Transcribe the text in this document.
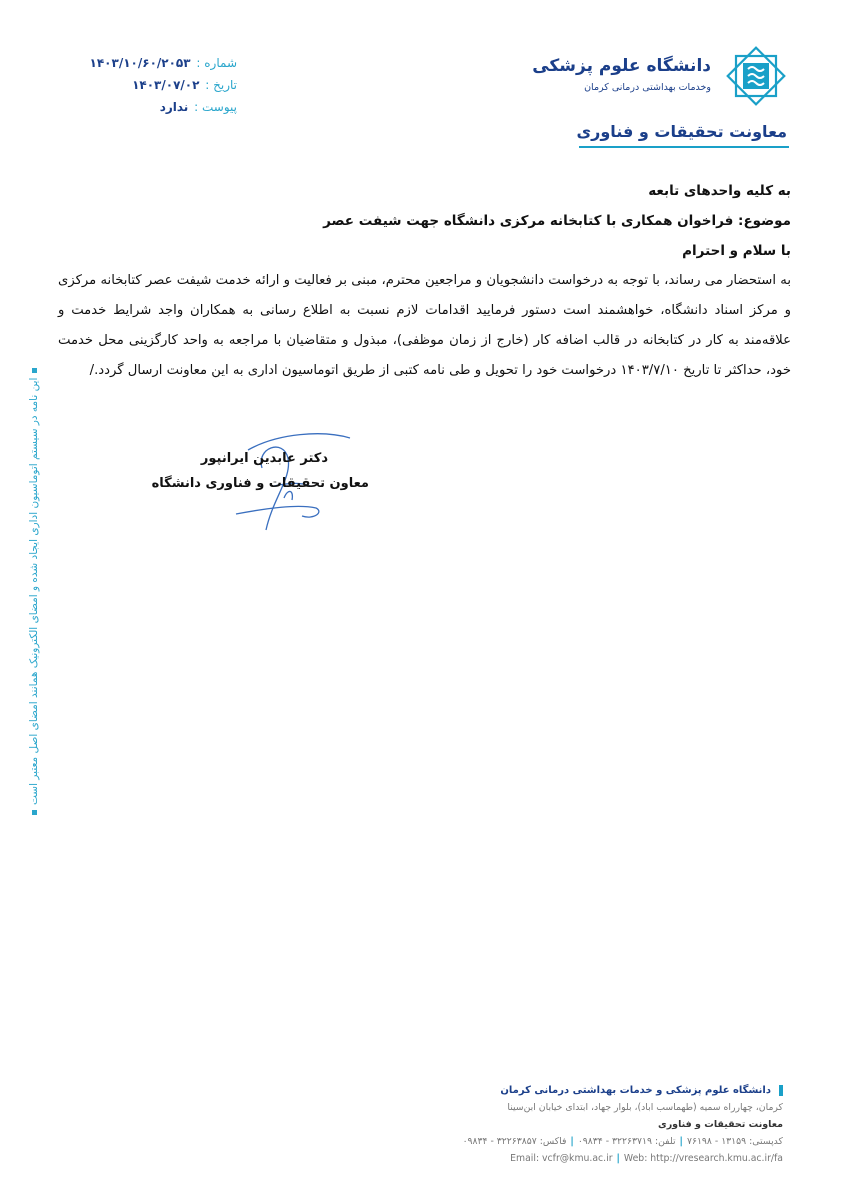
دانشگاه علوم پزشکی
وخدمات بهداشتی درمانی کرمان
معاونت تحقیقات و فناوری
شماره : ۱۴۰۳/۱۰/۶۰/۲۰۵۳
تاریخ : ۱۴۰۳/۰۷/۰۲
پیوست : ندارد
به کلیه واحدهای تابعه
موضوع: فراخوان همکاری با کتابخانه مرکزی دانشگاه جهت شیفت عصر
با سلام و احترام

به استحضار می رساند، با توجه به درخواست دانشجویان و مراجعین محترم، مبنی بر فعالیت و ارائه خدمت شیفت عصر کتابخانه مرکزی و مرکز اسناد دانشگاه، خواهشمند است دستور فرمایید اقدامات لازم نسبت به اطلاع رسانی به همکاران واجد شرایط خدمت و علاقه‌مند به کار در کتابخانه در قالب اضافه کار (خارج از زمان موظفی)، مبذول و متقاضیان با مراجعه به واحد کارگزینی محل خدمت خود، حداکثر تا تاریخ ۱۴۰۳/۷/۱۰ درخواست خود را تحویل و طی نامه کتبی از طریق اتوماسیون اداری به این معاونت ارسال گردد./

دکتر عابدین ایرانپور
معاون تحقیقات و فناوری دانشگاه
این نامه در سیستم اتوماسیون اداری ایجاد شده و امضای الکترونیک همانند امضای اصل معتبر است
دانشگاه علوم پزشکی و خدمات بهداشتی درمانی کرمان
کرمان، چهارراه سمیه (طهماسب اباد)، بلوار جهاد، ابتدای خیابان ابن‌سینا
معاونت تحقیقات و فناوری
کدپستی: ۱۳۱۵۹ - ۷۶۱۹۸|تلفن: ۳۲۲۶۳۷۱۹ - ۰۹۸۳۴|فاکس: ۳۲۲۶۳۸۵۷ - ۰۹۸۳۴
Email: vcfr@kmu.ac.ir | Web: http://vresearch.kmu.ac.ir/fa
